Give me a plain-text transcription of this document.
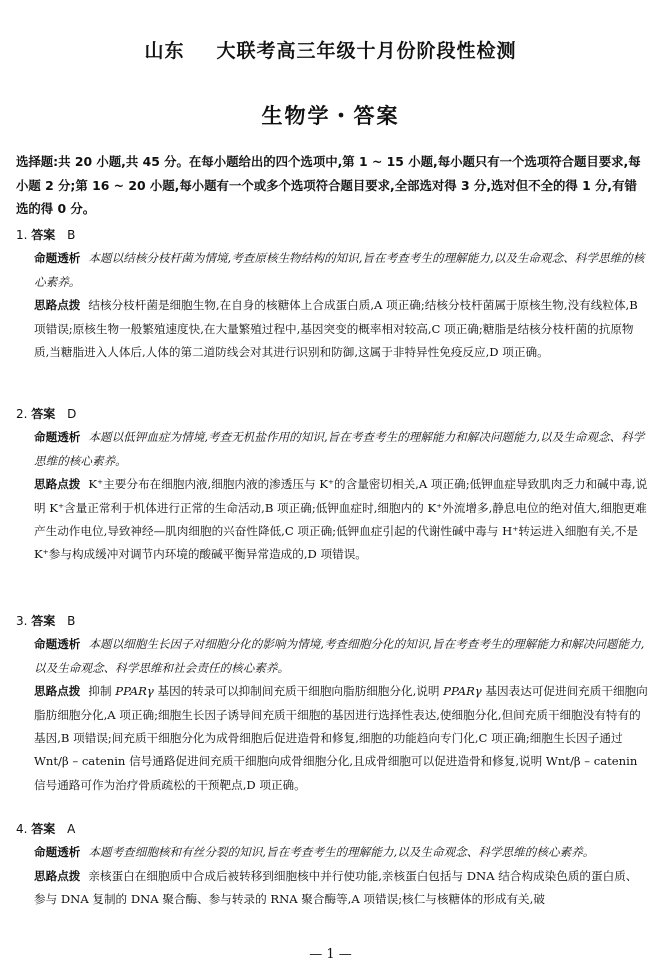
山东 大联考高三年级十月份阶段性检测
生物学・答案
选择题:共 20 小题,共 45 分。在每小题给出的四个选项中,第 1 ~ 15 小题,每小题只有一个选项符合题目要求,每小题 2 分;第 16 ~ 20 小题,每小题有一个或多个选项符合题目要求,全部选对得 3 分,选对但不全的得 1 分,有错选的得 0 分。
1. 答案 B
命题透析 本题以结核分枝杆菌为情境,考查原核生物结构的知识,旨在考查考生的理解能力,以及生命观念、科学思维的核心素养。
思路点拨 结核分枝杆菌是细胞生物,在自身的核糖体上合成蛋白质,A 项正确;结核分枝杆菌属于原核生物,没有线粒体,B 项错误;原核生物一般繁殖速度快,在大量繁殖过程中,基因突变的概率相对较高,C 项正确;糖脂是结核分枝杆菌的抗原物质,当糖脂进入人体后,人体的第二道防线会对其进行识别和防御,这属于非特异性免疫反应,D 项正确。
2. 答案 D
命题透析 本题以低钾血症为情境,考查无机盐作用的知识,旨在考查考生的理解能力和解决问题能力,以及生命观念、科学思维的核心素养。
思路点拨 K⁺主要分布在细胞内液,细胞内液的渗透压与 K⁺的含量密切相关,A 项正确;低钾血症导致肌肉乏力和碱中毒,说明 K⁺含量正常利于机体进行正常的生命活动,B 项正确;低钾血症时,细胞内的 K⁺外流增多,静息电位的绝对值大,细胞更难产生动作电位,导致神经—肌肉细胞的兴奋性降低,C 项正确;低钾血症引起的代谢性碱中毒与 H⁺转运进入细胞有关,不是 K⁺参与构成缓冲对调节内环境的酸碱平衡异常造成的,D 项错误。
3. 答案 B
命题透析 本题以细胞生长因子对细胞分化的影响为情境,考查细胞分化的知识,旨在考查考生的理解能力和解决问题能力,以及生命观念、科学思维和社会责任的核心素养。
思路点拨 抑制 PPARγ 基因的转录可以抑制间充质干细胞向脂肪细胞分化,说明 PPARγ 基因表达可促进间充质干细胞向脂肪细胞分化,A 项正确;细胞生长因子诱导间充质干细胞的基因进行选择性表达,使细胞分化,但间充质干细胞没有特有的基因,B 项错误;间充质干细胞分化为成骨细胞后促进造骨和修复,细胞的功能趋向专门化,C 项正确;细胞生长因子通过 Wnt/β – catenin 信号通路促进间充质干细胞向成骨细胞分化,且成骨细胞可以促进造骨和修复,说明 Wnt/β – catenin 信号通路可作为治疗骨质疏松的干预靶点,D 项正确。
4. 答案 A
命题透析 本题考查细胞核和有丝分裂的知识,旨在考查考生的理解能力,以及生命观念、科学思维的核心素养。
思路点拨 亲核蛋白在细胞质中合成后被转移到细胞核中并行使功能,亲核蛋白包括与 DNA 结合构成染色质的蛋白质、参与 DNA 复制的 DNA 聚合酶、参与转录的 RNA 聚合酶等,A 项错误;核仁与核糖体的形成有关,破
— 1 —
